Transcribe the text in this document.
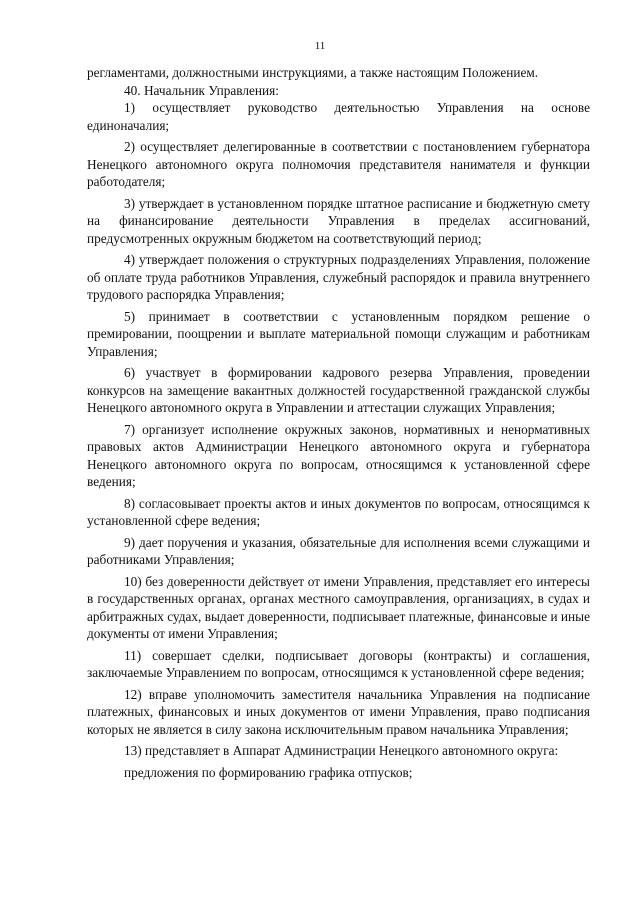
11

регламентами, должностными инструкциями, а также настоящим Положением.

40. Начальник Управления:

1) осуществляет руководство деятельностью Управления на основе единоначалия;

2) осуществляет делегированные в соответствии с постановлением губернатора Ненецкого автономного округа полномочия представителя нанимателя и функции работодателя;

3) утверждает в установленном порядке штатное расписание и бюджетную смету на финансирование деятельности Управления в пределах ассигнований, предусмотренных окружным бюджетом на соответствующий период;

4) утверждает положения о структурных подразделениях Управления, положение об оплате труда работников Управления, служебный распорядок и правила внутреннего трудового распорядка Управления;

5) принимает в соответствии с установленным порядком решение о премировании, поощрении и выплате материальной помощи служащим и работникам Управления;

6) участвует в формировании кадрового резерва Управления, проведении конкурсов на замещение вакантных должностей государственной гражданской службы Ненецкого автономного округа в Управлении и аттестации служащих Управления;

7) организует исполнение окружных законов, нормативных и ненормативных правовых актов Администрации Ненецкого автономного округа и губернатора Ненецкого автономного округа по вопросам, относящимся к установленной сфере ведения;

8) согласовывает проекты актов и иных документов по вопросам, относящимся к установленной сфере ведения;

9) дает поручения и указания, обязательные для исполнения всеми служащими и работниками Управления;

10) без доверенности действует от имени Управления, представляет его интересы в государственных органах, органах местного самоуправления, организациях, в судах и арбитражных судах, выдает доверенности, подписывает платежные, финансовые и иные документы от имени Управления;

11) совершает сделки, подписывает договоры (контракты) и соглашения, заключаемые Управлением по вопросам, относящимся к установленной сфере ведения;

12) вправе уполномочить заместителя начальника Управления на подписание платежных, финансовых и иных документов от имени Управления, право подписания которых не является в силу закона исключительным правом начальника Управления;

13) представляет в Аппарат Администрации Ненецкого автономного округа:

предложения по формированию графика отпусков;
